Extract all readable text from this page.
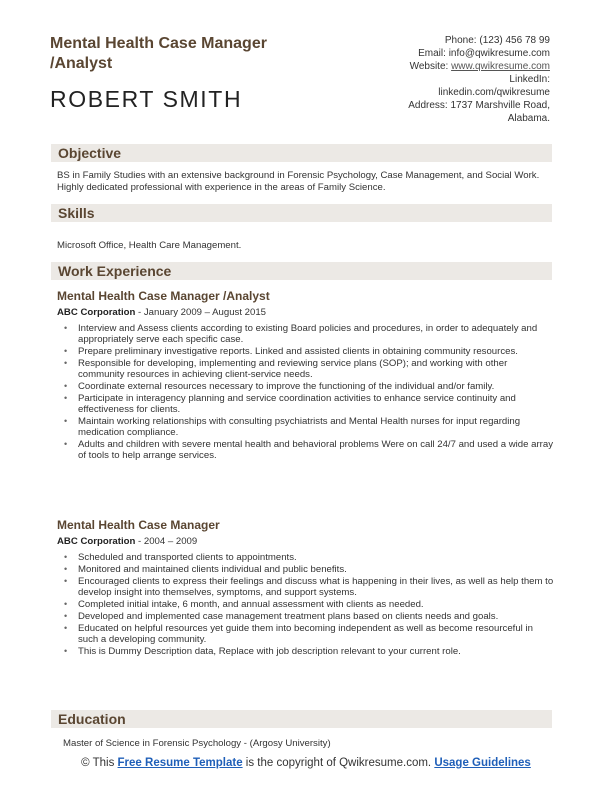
Mental Health Case Manager
/Analyst
ROBERT SMITH
Phone: (123) 456 78 99
Email: info@qwikresume.com
Website: www.qwikresume.com
LinkedIn:
linkedin.com/qwikresume
Address: 1737 Marshville Road,
Alabama.
Objective
BS in Family Studies with an extensive background in Forensic Psychology, Case Management, and Social Work. Highly dedicated professional with experience in the areas of Family Science.
Skills
Microsoft Office, Health Care Management.
Work Experience
Mental Health Case Manager /Analyst
ABC Corporation - January 2009 – August 2015
• Interview and Assess clients according to existing Board policies and procedures, in order to adequately and appropriately serve each specific case.
• Prepare preliminary investigative reports. Linked and assisted clients in obtaining community resources.
• Responsible for developing, implementing and reviewing service plans (SOP); and working with other community resources in achieving client-service needs.
• Coordinate external resources necessary to improve the functioning of the individual and/or family.
• Participate in interagency planning and service coordination activities to enhance service continuity and effectiveness for clients.
• Maintain working relationships with consulting psychiatrists and Mental Health nurses for input regarding medication compliance.
• Adults and children with severe mental health and behavioral problems Were on call 24/7 and used a wide array of tools to help arrange services.
Mental Health Case Manager
ABC Corporation - 2004 – 2009
• Scheduled and transported clients to appointments.
• Monitored and maintained clients individual and public benefits.
• Encouraged clients to express their feelings and discuss what is happening in their lives, as well as help them to develop insight into themselves, symptoms, and support systems.
• Completed initial intake, 6 month, and annual assessment with clients as needed.
• Developed and implemented case management treatment plans based on clients needs and goals.
• Educated on helpful resources yet guide them into becoming independent as well as become resourceful in such a developing community.
• This is Dummy Description data, Replace with job description relevant to your current role.
Education
Master of Science in Forensic Psychology - (Argosy University)
© This Free Resume Template is the copyright of Qwikresume.com. Usage Guidelines
